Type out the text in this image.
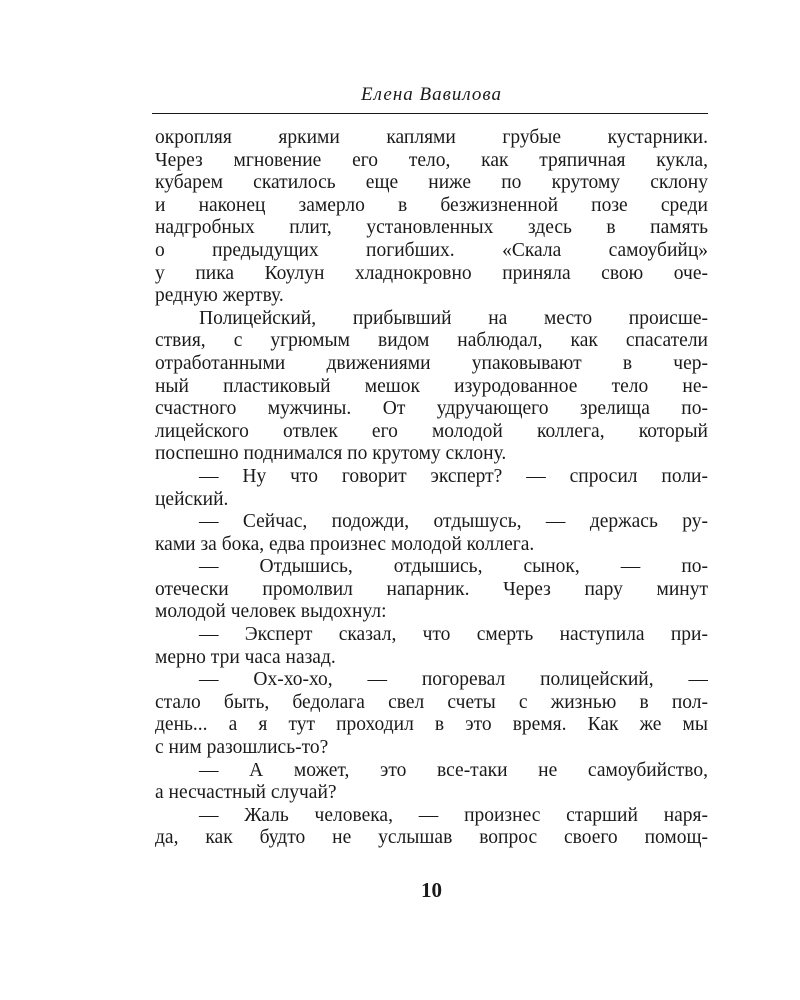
Елена Вавилова
окропляя яркими каплями грубые кустарники.
Через мгновение его тело, как тряпичная кукла,
кубарем скатилось еще ниже по крутому склону
и наконец замерло в безжизненной позе среди
надгробных плит, установленных здесь в память
о предыдущих погибших. «Скала самоубийц»
у пика Коулун хладнокровно приняла свою оче-
редную жертву.
Полицейский, прибывший на место происше-
ствия, с угрюмым видом наблюдал, как спасатели
отработанными движениями упаковывают в чер-
ный пластиковый мешок изуродованное тело не-
счастного мужчины. От удручающего зрелища по-
лицейского отвлек его молодой коллега, который
поспешно поднимался по крутому склону.
— Ну что говорит эксперт? — спросил поли-
цейский.
— Сейчас, подожди, отдышусь, — держась ру-
ками за бока, едва произнес молодой коллега.
— Отдышись, отдышись, сынок, — по-
отечески промолвил напарник. Через пару минут
молодой человек выдохнул:
— Эксперт сказал, что смерть наступила при-
мерно три часа назад.
— Ох-хо-хо, — погоревал полицейский, —
стало быть, бедолага свел счеты с жизнью в пол-
день... а я тут проходил в это время. Как же мы
с ним разошлись-то?
— А может, это все-таки не самоубийство,
а несчастный случай?
— Жаль человека, — произнес старший наря-
да, как будто не услышав вопрос своего помощ-
10
